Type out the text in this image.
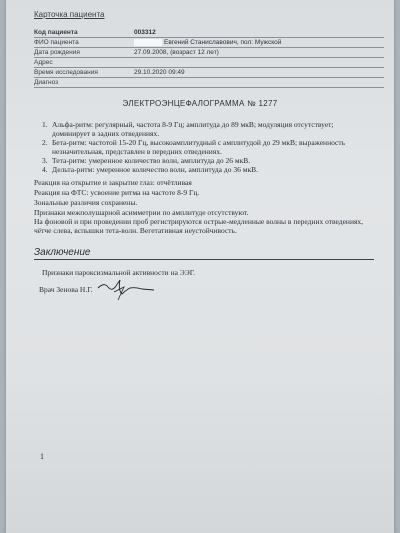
Карточка пациента
Код пациента	003312
ФИО пациента	Евгений Станиславович, пол: Мужской
Дата рождения	27.09.2008, (возраст 12 лет)
Адрес
Время исследования	29.10.2020 09:49
Диагноз
ЭЛЕКТРОЭНЦЕФАЛОГРАММА № 1277
1. Альфа-ритм: регулярный, частота 8-9 Гц; амплитуда до 89 мкВ; модуляция отсутствует; доминирует в задних отведениях.
2. Бета-ритм: частотой 15-20 Гц, высокоамплитудный с амплитудой до 29 мкВ; выраженность незначительная, представлен в передних отведениях.
3. Тета-ритм: умеренное количество волн, амплитуда до 26 мкВ.
4. Дельта-ритм: умеренное количество волн, амплитуда до 36 мкВ.
Реакция на открытие и закрытие глаз: отчётливая
Реакция на ФТС: усвоение ритма на частоте 8-9 Гц.
Зональные различия сохранены.
Признаки межполушарной асимметрии по амплитуде отсутствуют.
На фоновой и при проведении проб регистрируются острые-медленные волны в передних отведениях, чётче слева, вспышки тета-волн. Вегетативная неустойчивость.
Заключение
Признаки пароксизмальной активности на ЭЭГ.
Врач Зенова Н.Г.
1
